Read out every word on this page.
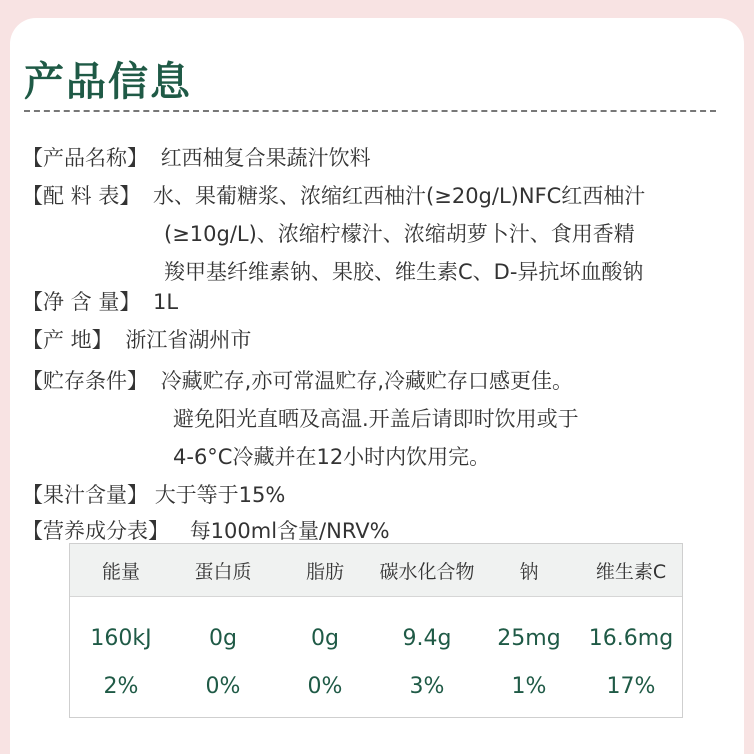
产品信息
【产品名称】 红西柚复合果蔬汁饮料
【配 料 表】 水、果葡糖浆、浓缩红西柚汁(≥20g/L)NFC红西柚汁
(≥10g/L)、浓缩柠檬汁、浓缩胡萝卜汁、食用香精
羧甲基纤维素钠、果胶、维生素C、D-异抗坏血酸钠
【净 含 量】 1L
【产 地】 浙江省湖州市
【贮存条件】 冷藏贮存,亦可常温贮存,冷藏贮存口感更佳。
避免阳光直晒及高温.开盖后请即时饮用或于
4-6°C冷藏并在12小时内饮用完。
【果汁含量】 大于等于15%
【营养成分表】 每100ml含量/NRV%
能量	蛋白质	脂肪	碳水化合物	钠	维生素C
160kJ	0g	0g	9.4g	25mg	16.6mg
2%	0%	0%	3%	1%	17%
